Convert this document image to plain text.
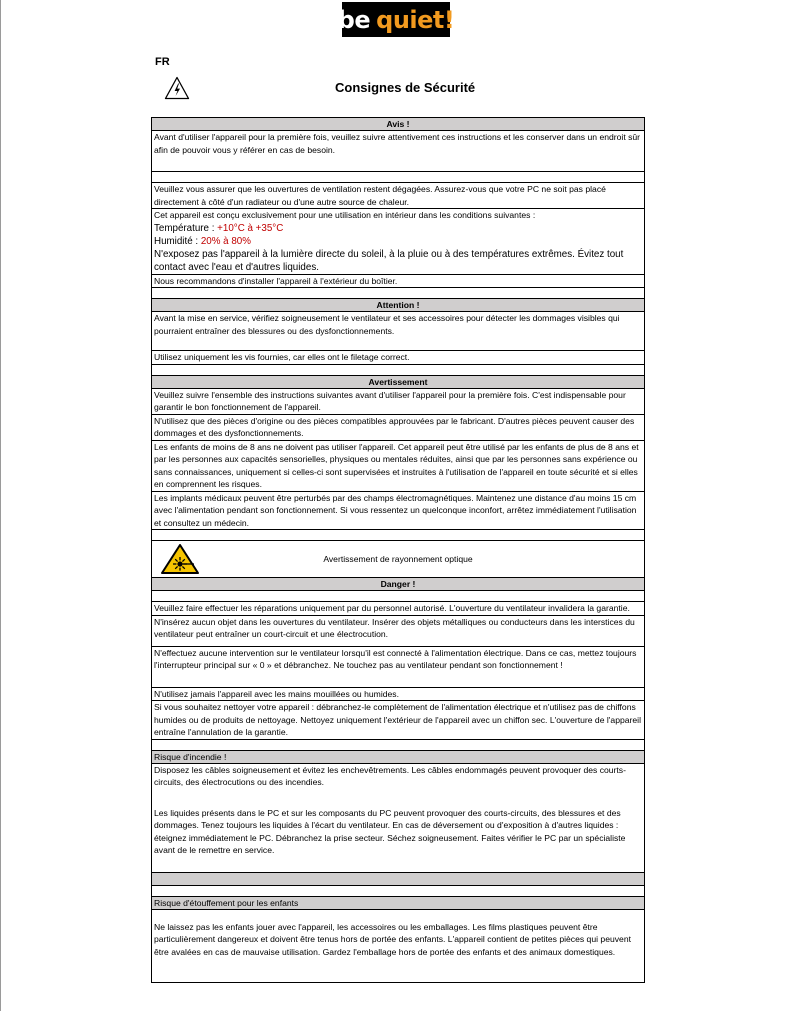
be quiet!
FR
Consignes de Sécurité
Avis !
Avant d'utiliser l'appareil pour la première fois, veuillez suivre attentivement ces instructions et les conserver dans un endroit sûr afin de pouvoir vous y référer en cas de besoin.

Veuillez vous assurer que les ouvertures de ventilation restent dégagées. Assurez-vous que votre PC ne soit pas placé directement à côté d'un radiateur ou d'une autre source de chaleur.

Cet appareil est conçu exclusivement pour une utilisation en intérieur dans les conditions suivantes :
Température : +10°C à +35°C
Humidité : 20% à 80%
N'exposez pas l'appareil à la lumière directe du soleil, à la pluie ou à des températures extrêmes. Évitez tout contact avec l'eau et d'autres liquides.

Nous recommandons d'installer l'appareil à l'extérieur du boîtier.

Attention !
Avant la mise en service, vérifiez soigneusement le ventilateur et ses accessoires pour détecter les dommages visibles qui pourraient entraîner des blessures ou des dysfonctionnements.
Utilisez uniquement les vis fournies, car elles ont le filetage correct.

Avertissement
Veuillez suivre l'ensemble des instructions suivantes avant d'utiliser l'appareil pour la première fois. C'est indispensable pour garantir le bon fonctionnement de l'appareil.
N'utilisez que des pièces d'origine ou des pièces compatibles approuvées par le fabricant. D'autres pièces peuvent causer des dommages et des dysfonctionnements.
Les enfants de moins de 8 ans ne doivent pas utiliser l'appareil. Cet appareil peut être utilisé par les enfants de plus de 8 ans et par les personnes aux capacités sensorielles, physiques ou mentales réduites, ainsi que par les personnes sans expérience ou sans connaissances, uniquement si celles-ci sont supervisées et instruites à l'utilisation de l'appareil en toute sécurité et si elles en comprennent les risques.
Les implants médicaux peuvent être perturbés par des champs électromagnétiques. Maintenez une distance d'au moins 15 cm avec l'alimentation pendant son fonctionnement. Si vous ressentez un quelconque inconfort, arrêtez immédiatement l'utilisation et consultez un médecin.

Avertissement de rayonnement optique

Danger !

Veuillez faire effectuer les réparations uniquement par du personnel autorisé. L'ouverture du ventilateur invalidera la garantie.
N'insérez aucun objet dans les ouvertures du ventilateur. Insérer des objets métalliques ou conducteurs dans les interstices du ventilateur peut entraîner un court-circuit et une électrocution.
N'effectuez aucune intervention sur le ventilateur lorsqu'il est connecté à l'alimentation électrique. Dans ce cas, mettez toujours l'interrupteur principal sur « 0 » et débranchez. Ne touchez pas au ventilateur pendant son fonctionnement !
N'utilisez jamais l'appareil avec les mains mouillées ou humides.
Si vous souhaitez nettoyer votre appareil : débranchez-le complètement de l'alimentation électrique et n'utilisez pas de chiffons humides ou de produits de nettoyage. Nettoyez uniquement l'extérieur de l'appareil avec un chiffon sec. L'ouverture de l'appareil entraîne l'annulation de la garantie.

Risque d'incendie !

Disposez les câbles soigneusement et évitez les enchevêtrements. Les câbles endommagés peuvent provoquer des courts-circuits, des électrocutions ou des incendies.
Les liquides présents dans le PC et sur les composants du PC peuvent provoquer des courts-circuits, des blessures et des dommages. Tenez toujours les liquides à l'écart du ventilateur. En cas de déversement ou d'exposition à d'autres liquides : éteignez immédiatement le PC. Débranchez la prise secteur. Séchez soigneusement. Faites vérifier le PC par un spécialiste avant de le remettre en service.

Risque d'étouffement pour les enfants

Ne laissez pas les enfants jouer avec l'appareil, les accessoires ou les emballages. Les films plastiques peuvent être particulièrement dangereux et doivent être tenus hors de portée des enfants. L'appareil contient de petites pièces qui peuvent être avalées en cas de mauvaise utilisation. Gardez l'emballage hors de portée des enfants et des animaux domestiques.
